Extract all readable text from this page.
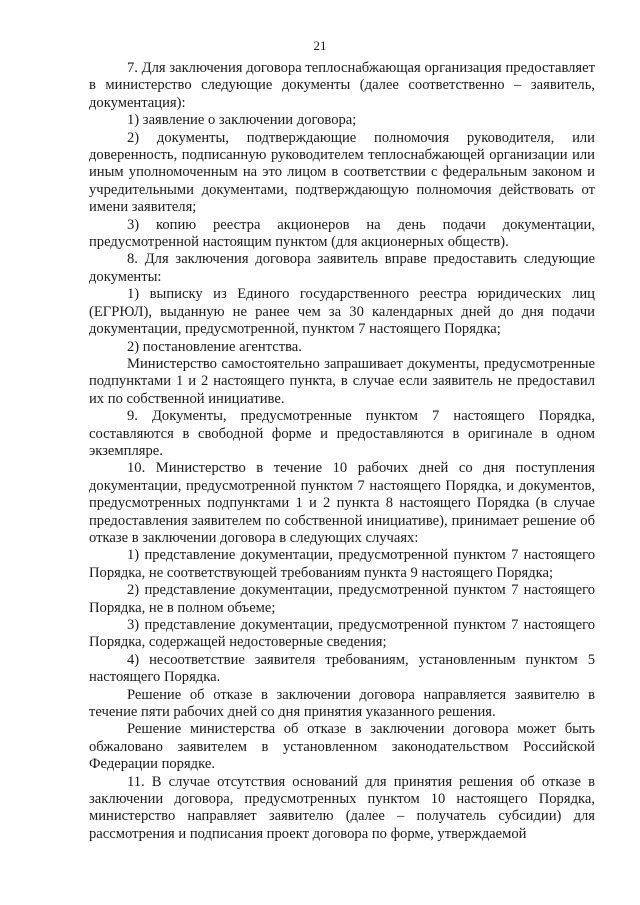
21

7. Для заключения договора теплоснабжающая организация предоставляет в министерство следующие документы (далее соответственно – заявитель, документация):

1) заявление о заключении договора;

2) документы, подтверждающие полномочия руководителя, или доверенность, подписанную руководителем теплоснабжающей организации или иным уполномоченным на это лицом в соответствии с федеральным законом и учредительными документами, подтверждающую полномочия действовать от имени заявителя;

3) копию реестра акционеров на день подачи документации, предусмотренной настоящим пунктом (для акционерных обществ).

8. Для заключения договора заявитель вправе предоставить следующие документы:

1) выписку из Единого государственного реестра юридических лиц (ЕГРЮЛ), выданную не ранее чем за 30 календарных дней до дня подачи документации, предусмотренной, пунктом 7 настоящего Порядка;

2) постановление агентства.

Министерство самостоятельно запрашивает документы, предусмотренные подпунктами 1 и 2 настоящего пункта, в случае если заявитель не предоставил их по собственной инициативе.

9. Документы, предусмотренные пунктом 7 настоящего Порядка, составляются в свободной форме и предоставляются в оригинале в одном экземпляре.

10. Министерство в течение 10 рабочих дней со дня поступления документации, предусмотренной пунктом 7 настоящего Порядка, и документов, предусмотренных подпунктами 1 и 2 пункта 8 настоящего Порядка (в случае предоставления заявителем по собственной инициативе), принимает решение об отказе в заключении договора в следующих случаях:

1) представление документации, предусмотренной пунктом 7 настоящего Порядка, не соответствующей требованиям пункта 9 настоящего Порядка;

2) представление документации, предусмотренной пунктом 7 настоящего Порядка, не в полном объеме;

3) представление документации, предусмотренной пунктом 7 настоящего Порядка, содержащей недостоверные сведения;

4) несоответствие заявителя требованиям, установленным пунктом 5 настоящего Порядка.

Решение об отказе в заключении договора направляется заявителю в течение пяти рабочих дней со дня принятия указанного решения.

Решение министерства об отказе в заключении договора может быть обжаловано заявителем в установленном законодательством Российской Федерации порядке.

11. В случае отсутствия оснований для принятия решения об отказе в заключении договора, предусмотренных пунктом 10 настоящего Порядка, министерство направляет заявителю (далее – получатель субсидии) для рассмотрения и подписания проект договора по форме, утверждаемой
